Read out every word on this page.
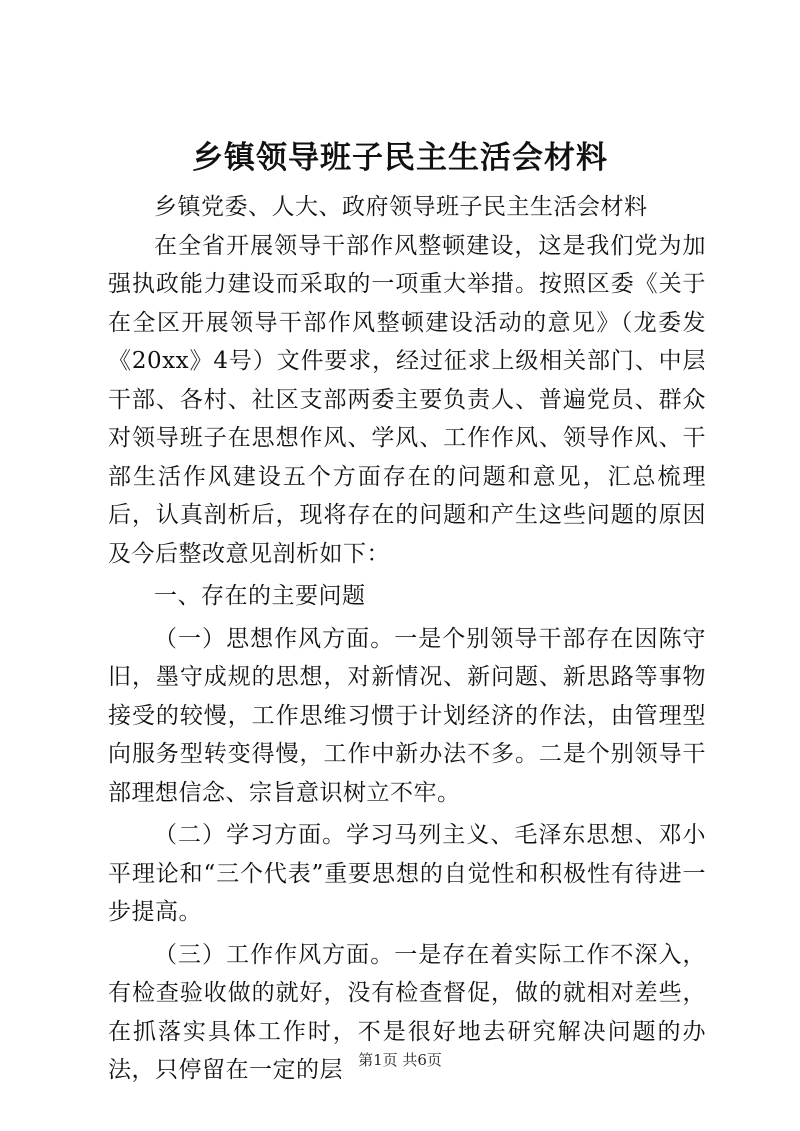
乡镇领导班子民主生活会材料

乡镇党委、人大、政府领导班子民主生活会材料

在全省开展领导干部作风整顿建设，这是我们党为加强执政能力建设而采取的一项重大举措。按照区委《关于在全区开展领导干部作风整顿建设活动的意见》（龙委发《20xx》4号）文件要求，经过征求上级相关部门、中层干部、各村、社区支部两委主要负责人、普遍党员、群众对领导班子在思想作风、学风、工作作风、领导作风、干部生活作风建设五个方面存在的问题和意见，汇总梳理后，认真剖析后，现将存在的问题和产生这些问题的原因及今后整改意见剖析如下：

一、存在的主要问题

（一）思想作风方面。一是个别领导干部存在因陈守旧，墨守成规的思想，对新情况、新问题、新思路等事物接受的较慢，工作思维习惯于计划经济的作法，由管理型向服务型转变得慢，工作中新办法不多。二是个别领导干部理想信念、宗旨意识树立不牢。

（二）学习方面。学习马列主义、毛泽东思想、邓小平理论和“三个代表”重要思想的自觉性和积极性有待进一步提高。

（三）工作作风方面。一是存在着实际工作不深入，有检查验收做的就好，没有检查督促，做的就相对差些，在抓落实具体工作时，不是很好地去研究解决问题的办法，只停留在一定的层	第1页 共6页
